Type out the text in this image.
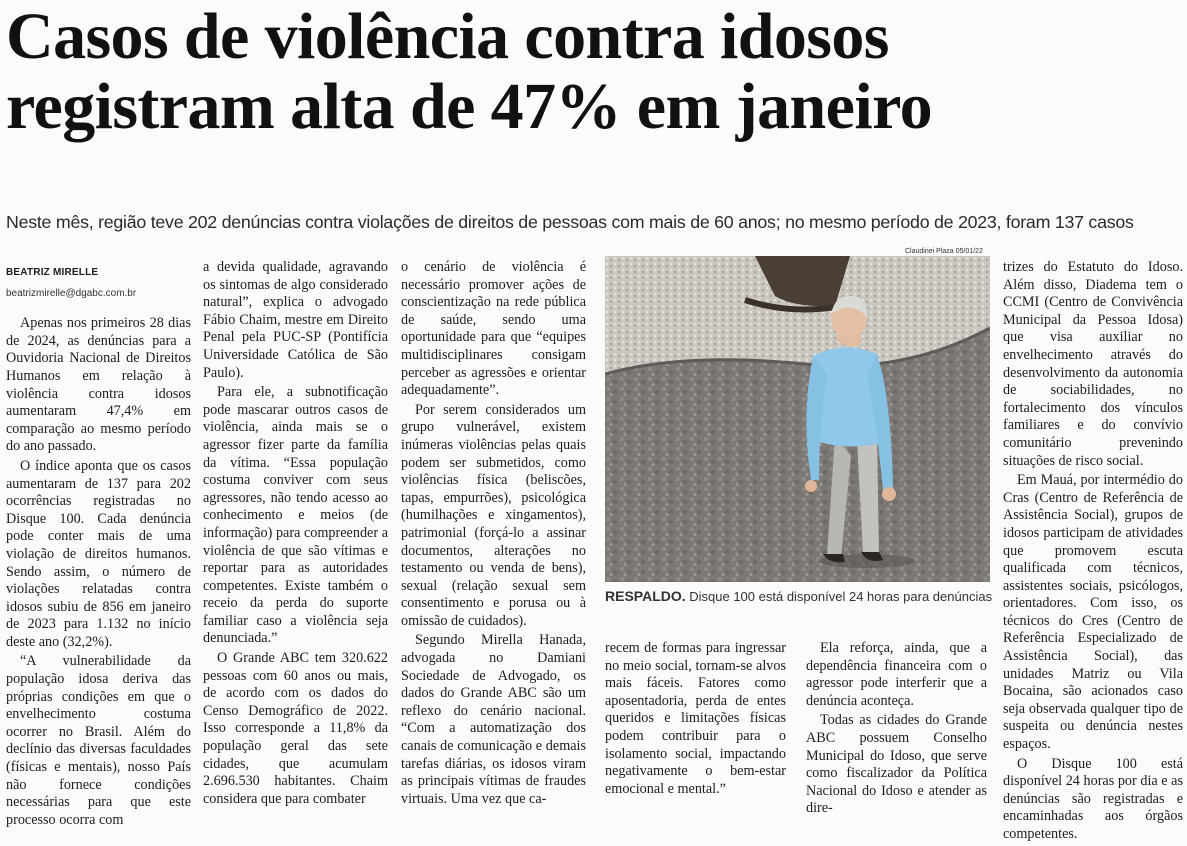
Casos de violência contra idosos
registram alta de 47% em janeiro
Neste mês, região teve 202 denúncias contra violações de direitos de pessoas com mais de 60 anos; no mesmo período de 2023, foram 137 casos
BEATRIZ MIRELLE
beatrizmirelle@dgabc.com.br

Apenas nos primeiros 28 dias de 2024, as denúncias para a Ouvidoria Nacional de Direitos Humanos em relação à violência contra idosos aumentaram 47,4% em comparação ao mesmo período do ano passado.

O índice aponta que os casos aumentaram de 137 para 202 ocorrências registradas no Disque 100. Cada denúncia pode conter mais de uma violação de direitos humanos. Sendo assim, o número de violações relatadas contra idosos subiu de 856 em janeiro de 2023 para 1.132 no início deste ano (32,2%).

“A vulnerabilidade da população idosa deriva das próprias condições em que o envelhecimento costuma ocorrer no Brasil. Além do declínio das diversas faculdades (físicas e mentais), nosso País não fornece condições necessárias para que este processo ocorra com

a devida qualidade, agravando os sintomas de algo considerado natural”, explica o advogado Fábio Chaim, mestre em Direito Penal pela PUC-SP (Pontifícia Universidade Católica de São Paulo).

Para ele, a subnotificação pode mascarar outros casos de violência, ainda mais se o agressor fizer parte da família da vítima. “Essa população costuma conviver com seus agressores, não tendo acesso ao conhecimento e meios (de informação) para compreender a violência de que são vítimas e reportar para as autoridades competentes. Existe também o receio da perda do suporte familiar caso a violência seja denunciada.”

O Grande ABC tem 320.622 pessoas com 60 anos ou mais, de acordo com os dados do Censo Demográfico de 2022. Isso corresponde a 11,8% da população geral das sete cidades, que acumulam 2.696.530 habitantes. Chaim considera que para combater

o cenário de violência é necessário promover ações de conscientização na rede pública de saúde, sendo uma oportunidade para que “equipes multidisciplinares consigam perceber as agressões e orientar adequadamente”.

Por serem considerados um grupo vulnerável, existem inúmeras violências pelas quais podem ser submetidos, como violências física (beliscões, tapas, empurrões), psicológica (humilhações e xingamentos), patrimonial (forçá-lo a assinar documentos, alterações no testamento ou venda de bens), sexual (relação sexual sem consentimento e porusa ou à omissão de cuidados).

Segundo Mirella Hanada, advogada no Damiani Sociedade de Advogado, os dados do Grande ABC são um reflexo do cenário nacional. “Com a automatização dos canais de comunicação e demais tarefas diárias, os idosos viram as principais vítimas de fraudes virtuais. Uma vez que ca-

Claudinei Plaza 05/01/22
RESPALDO. Disque 100 está disponível 24 horas para denúncias

recem de formas para ingressar no meio social, tornam-se alvos mais fáceis. Fatores como aposentadoria, perda de entes queridos e limitações físicas podem contribuir para o isolamento social, impactando negativamente o bem-estar emocional e mental.”

Ela reforça, ainda, que a dependência financeira com o agressor pode interferir que a denúncia aconteça.

Todas as cidades do Grande ABC possuem Conselho Municipal do Idoso, que serve como fiscalizador da Política Nacional do Idoso e atender as dire-

trizes do Estatuto do Idoso. Além disso, Diadema tem o CCMI (Centro de Convivência Municipal da Pessoa Idosa) que visa auxiliar no envelhecimento através do desenvolvimento da autonomia de sociabilidades, no fortalecimento dos vínculos familiares e do convívio comunitário prevenindo situações de risco social.

Em Mauá, por intermédio do Cras (Centro de Referência de Assistência Social), grupos de idosos participam de atividades que promovem escuta qualificada com técnicos, assistentes sociais, psicólogos, orientadores. Com isso, os técnicos do Cres (Centro de Referência Especializado de Assistência Social), das unidades Matriz ou Vila Bocaina, são acionados caso seja observada qualquer tipo de suspeita ou denúncia nestes espaços.

O Disque 100 está disponível 24 horas por dia e as denúncias são registradas e encaminhadas aos órgãos competentes.
